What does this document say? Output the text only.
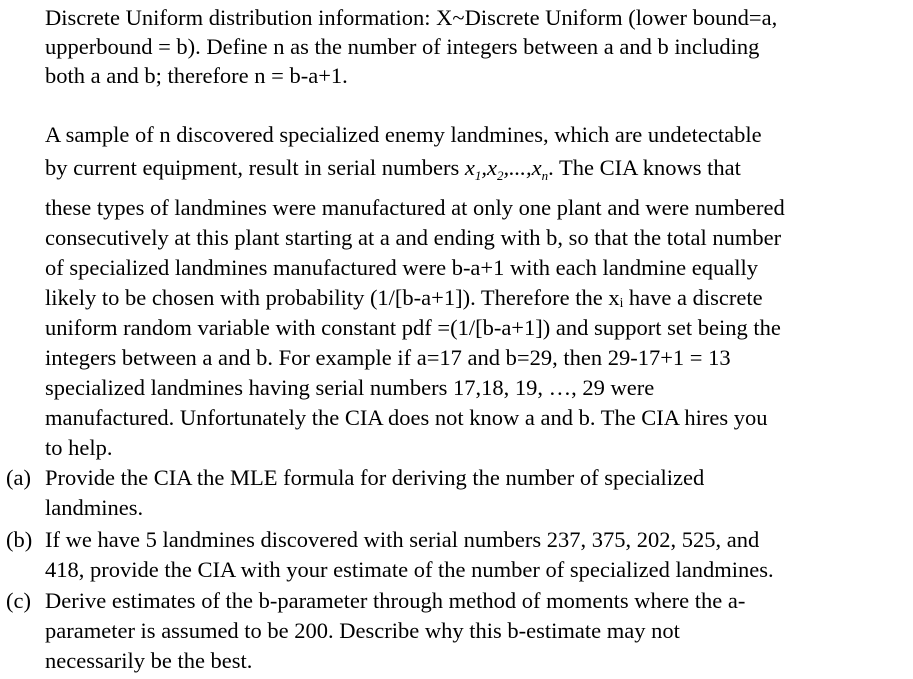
Discrete Uniform distribution information: X~Discrete Uniform (lower bound=a,
upperbound = b). Define n as the number of integers between a and b including
both a and b; therefore n = b-a+1.
A sample of n discovered specialized enemy landmines, which are undetectable
by current equipment, result in serial numbers $x_1,x_2,...,x_n$. The CIA knows that
these types of landmines were manufactured at only one plant and were numbered
consecutively at this plant starting at a and ending with b, so that the total number
of specialized landmines manufactured were b-a+1 with each landmine equally
likely to be chosen with probability (1/[b-a+1]). Therefore the xᵢ have a discrete
uniform random variable with constant pdf =(1/[b-a+1]) and support set being the
integers between a and b. For example if a=17 and b=29, then 29-17+1 = 13
specialized landmines having serial numbers 17,18, 19, …, 29 were
manufactured. Unfortunately the CIA does not know a and b. The CIA hires you
to help.
(a) Provide the CIA the MLE formula for deriving the number of specialized
landmines.
(b) If we have 5 landmines discovered with serial numbers 237, 375, 202, 525, and
418, provide the CIA with your estimate of the number of specialized landmines.
(c) Derive estimates of the b-parameter through method of moments where the a-
parameter is assumed to be 200. Describe why this b-estimate may not
necessarily be the best.
